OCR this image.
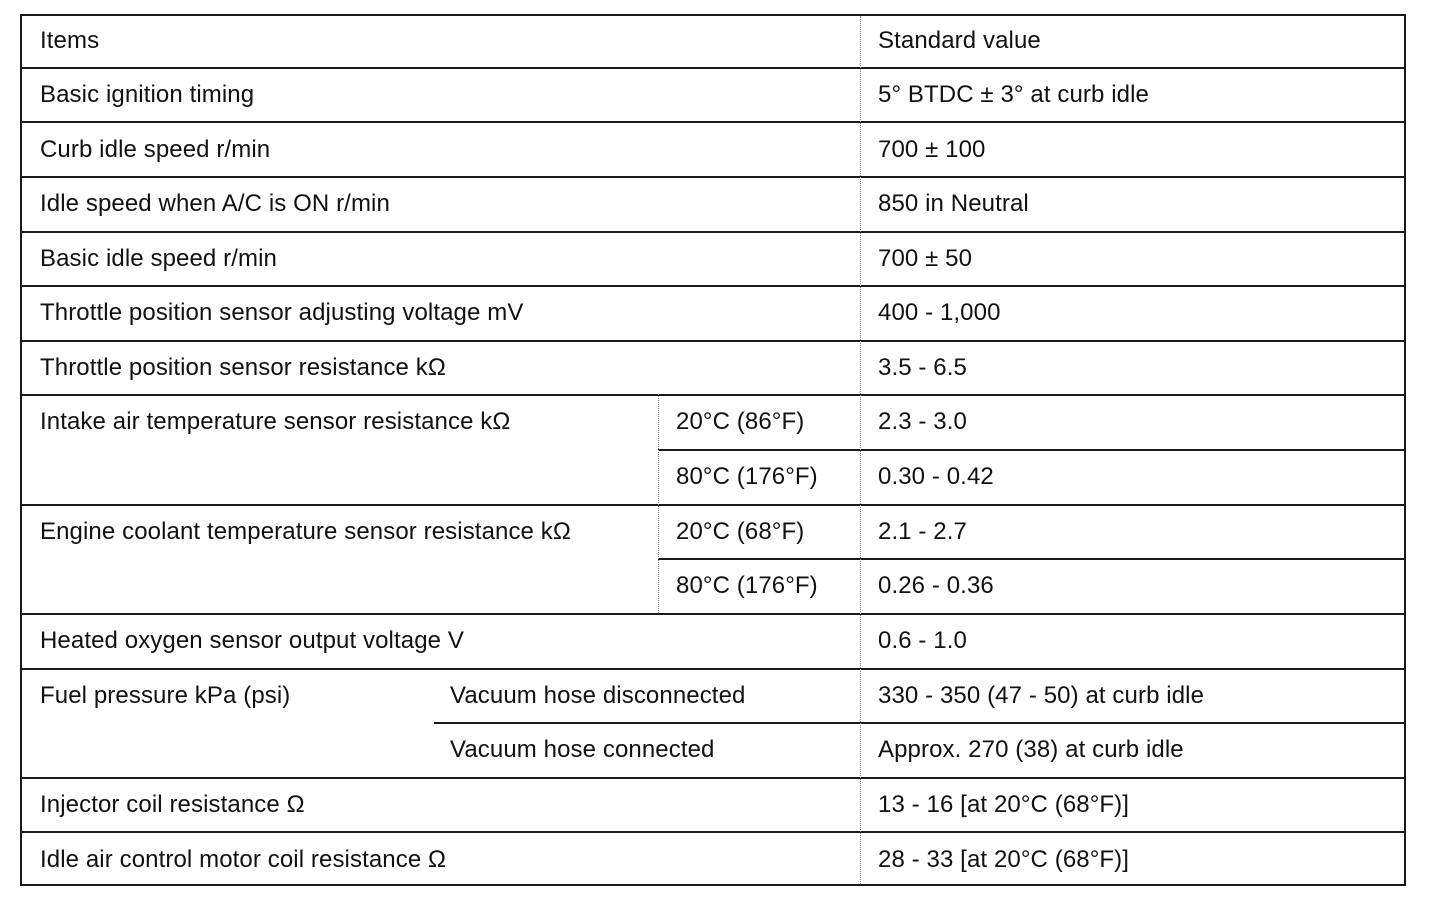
Items	Standard value
Basic ignition timing	5° BTDC ± 3° at curb idle
Curb idle speed r/min	700 ± 100
Idle speed when A/C is ON r/min	850 in Neutral
Basic idle speed r/min	700 ± 50
Throttle position sensor adjusting voltage mV	400 - 1,000
Throttle position sensor resistance kΩ	3.5 - 6.5
Intake air temperature sensor resistance kΩ	20°C (86°F)	2.3 - 3.0
80°C (176°F)	0.30 - 0.42
Engine coolant temperature sensor resistance kΩ	20°C (68°F)	2.1 - 2.7
80°C (176°F)	0.26 - 0.36
Heated oxygen sensor output voltage V	0.6 - 1.0
Fuel pressure kPa (psi)	Vacuum hose disconnected	330 - 350 (47 - 50) at curb idle
Vacuum hose connected	Approx. 270 (38) at curb idle
Injector coil resistance Ω	13 - 16 [at 20°C (68°F)]
Idle air control motor coil resistance Ω	28 - 33 [at 20°C (68°F)]
